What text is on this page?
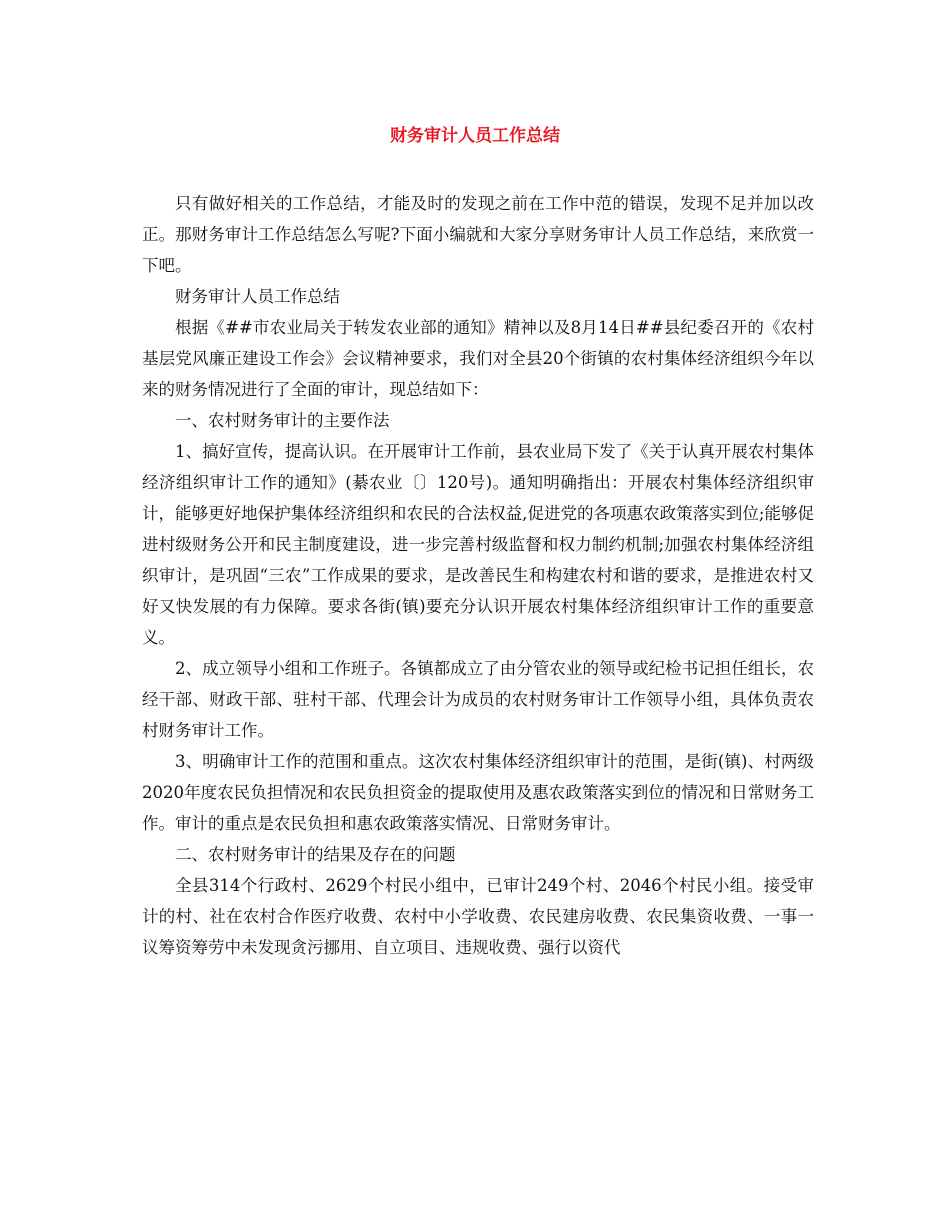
财务审计人员工作总结

只有做好相关的工作总结，才能及时的发现之前在工作中范的错误，发现不足并加以改正。那财务审计工作总结怎么写呢?下面小编就和大家分享财务审计人员工作总结，来欣赏一下吧。

财务审计人员工作总结

根据《##市农业局关于转发农业部的通知》精神以及8月14日##县纪委召开的《农村基层党风廉正建设工作会》会议精神要求，我们对全县20个街镇的农村集体经济组织今年以来的财务情况进行了全面的审计，现总结如下：

一、农村财务审计的主要作法

1、搞好宣传，提高认识。在开展审计工作前，县农业局下发了《关于认真开展农村集体经济组织审计工作的通知》(綦农业〔〕120号)。通知明确指出：开展农村集体经济组织审计，能够更好地保护集体经济组织和农民的合法权益,促进党的各项惠农政策落实到位;能够促进村级财务公开和民主制度建设，进一步完善村级监督和权力制约机制;加强农村集体经济组织审计，是巩固“三农”工作成果的要求，是改善民生和构建农村和谐的要求，是推进农村又好又快发展的有力保障。要求各街(镇)要充分认识开展农村集体经济组织审计工作的重要意义。

2、成立领导小组和工作班子。各镇都成立了由分管农业的领导或纪检书记担任组长，农经干部、财政干部、驻村干部、代理会计为成员的农村财务审计工作领导小组，具体负责农村财务审计工作。

3、明确审计工作的范围和重点。这次农村集体经济组织审计的范围，是街(镇)、村两级2020年度农民负担情况和农民负担资金的提取使用及惠农政策落实到位的情况和日常财务工作。审计的重点是农民负担和惠农政策落实情况、日常财务审计。

二、农村财务审计的结果及存在的问题

全县314个行政村、2629个村民小组中，已审计249个村、2046个村民小组。接受审计的村、社在农村合作医疗收费、农村中小学收费、农民建房收费、农民集资收费、一事一议筹资筹劳中未发现贪污挪用、自立项目、违规收费、强行以资代
